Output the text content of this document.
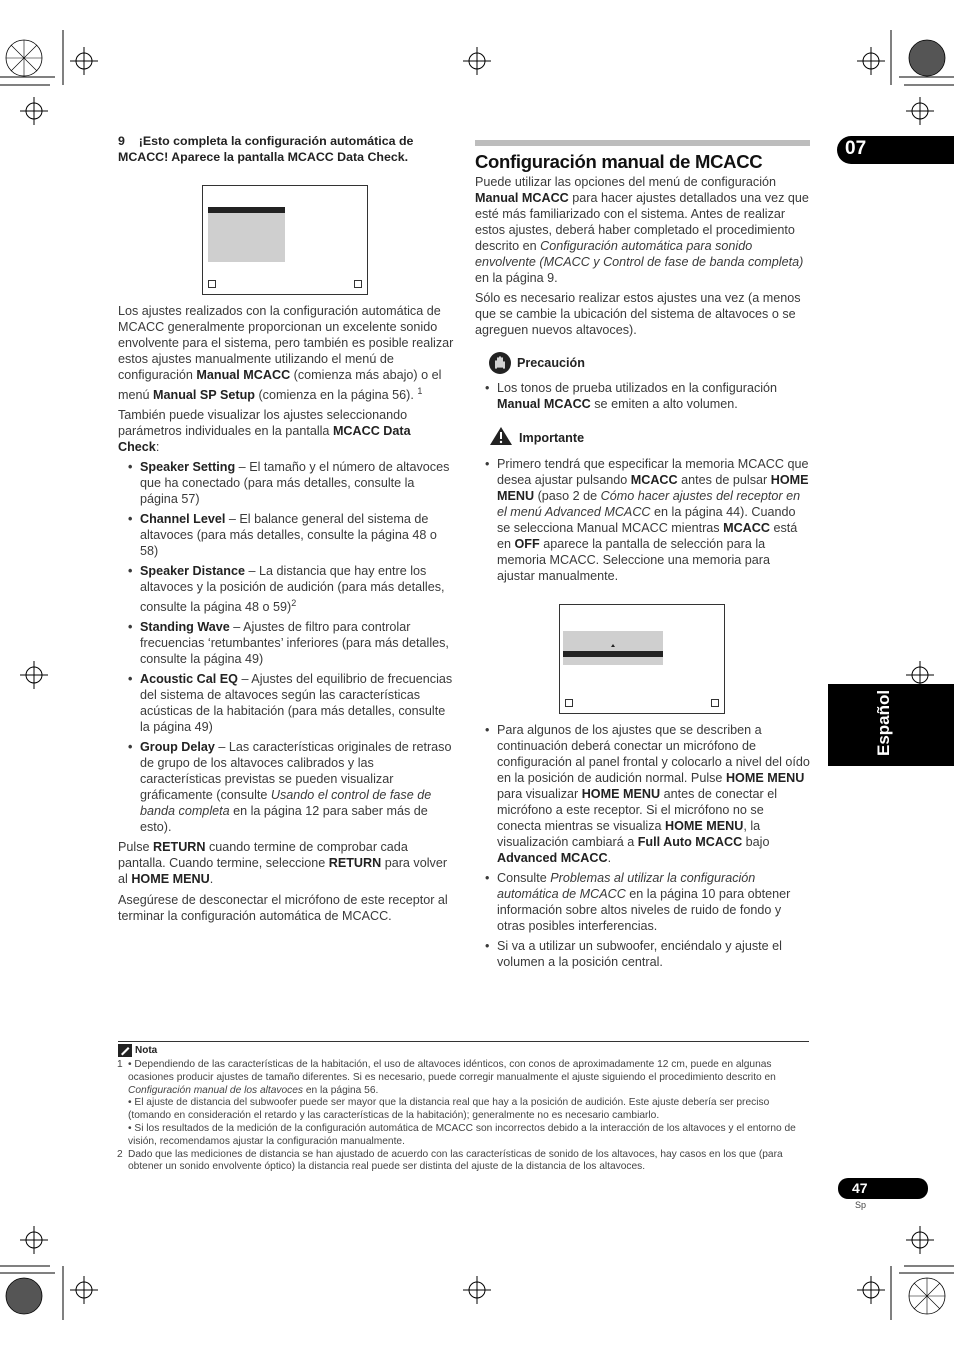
07
Español
9 ¡Esto completa la configuración automática de MCACC! Aparece la pantalla MCACC Data Check.

Los ajustes realizados con la configuración automática de MCACC generalmente proporcionan un excelente sonido envolvente para el sistema, pero también es posible realizar estos ajustes manualmente utilizando el menú de configuración Manual MCACC (comienza más abajo) o el menú Manual SP Setup (comienza en la página 56). $^1$

También puede visualizar los ajustes seleccionando parámetros individuales en la pantalla MCACC Data Check:

• Speaker Setting – El tamaño y el número de altavoces que ha conectado (para más detalles, consulte la página 57)
• Channel Level – El balance general del sistema de altavoces (para más detalles, consulte la página 48 o 58)
• Speaker Distance – La distancia que hay entre los altavoces y la posición de audición (para más detalles, consulte la página 48 o 59)$^2$
• Standing Wave – Ajustes de filtro para controlar frecuencias ‘retumbantes’ inferiores (para más detalles, consulte la página 49)
• Acoustic Cal EQ – Ajustes del equilibrio de frecuencias del sistema de altavoces según las características acústicas de la habitación (para más detalles, consulte la página 49)
• Group Delay – Las características originales de retraso de grupo de los altavoces calibrados y las características previstas se pueden visualizar gráficamente (consulte Usando el control de fase de banda completa en la página 12 para saber más de esto).

Pulse RETURN cuando termine de comprobar cada pantalla. Cuando termine, seleccione RETURN para volver al HOME MENU.

Asegúrese de desconectar el micrófono de este receptor al terminar la configuración automática de MCACC.

Configuración manual de MCACC

Puede utilizar las opciones del menú de configuración Manual MCACC para hacer ajustes detallados una vez que esté más familiarizado con el sistema. Antes de realizar estos ajustes, deberá haber completado el procedimiento descrito en Configuración automática para sonido envolvente (MCACC y Control de fase de banda completa) en la página 9.

Sólo es necesario realizar estos ajustes una vez (a menos que se cambie la ubicación del sistema de altavoces o se agreguen nuevos altavoces).

Precaución
• Los tonos de prueba utilizados en la configuración Manual MCACC se emiten a alto volumen.
Importante
• Primero tendrá que especificar la memoria MCACC que desea ajustar pulsando MCACC antes de pulsar HOME MENU (paso 2 de Cómo hacer ajustes del receptor en el menú Advanced MCACC en la página 44). Cuando se selecciona Manual MCACC mientras MCACC está en OFF aparece la pantalla de selección para la memoria MCACC. Seleccione una memoria para ajustar manualmente.
• Para algunos de los ajustes que se describen a continuación deberá conectar un micrófono de configuración al panel frontal y colocarlo a nivel del oído en la posición de audición normal. Pulse HOME MENU para visualizar HOME MENU antes de conectar el micrófono a este receptor. Si el micrófono no se conecta mientras se visualiza HOME MENU, la visualización cambiará a Full Auto MCACC bajo Advanced MCACC.
• Consulte Problemas al utilizar la configuración automática de MCACC en la página 10 para obtener información sobre altos niveles de ruido de fondo y otras posibles interferencias.
• Si va a utilizar un subwoofer, enciéndalo y ajuste el volumen a la posición central.
Nota
1 • Dependiendo de las características de la habitación, el uso de altavoces idénticos, con conos de aproximadamente 12 cm, puede en algunas ocasiones producir ajustes de tamaño diferentes. Si es necesario, puede corregir manualmente el ajuste siguiendo el procedimiento descrito en Configuración manual de los altavoces en la página 56.
• El ajuste de distancia del subwoofer puede ser mayor que la distancia real que hay a la posición de audición. Este ajuste debería ser preciso (tomando en consideración el retardo y las características de la habitación); generalmente no es necesario cambiarlo.
• Si los resultados de la medición de la configuración automática de MCACC son incorrectos debido a la interacción de los altavoces y el entorno de visión, recomendamos ajustar la configuración manualmente.
2 Dado que las mediciones de distancia se han ajustado de acuerdo con las características de sonido de los altavoces, hay casos en los que (para obtener un sonido envolvente óptico) la distancia real puede ser distinta del ajuste de la distancia de los altavoces.
47
Sp
